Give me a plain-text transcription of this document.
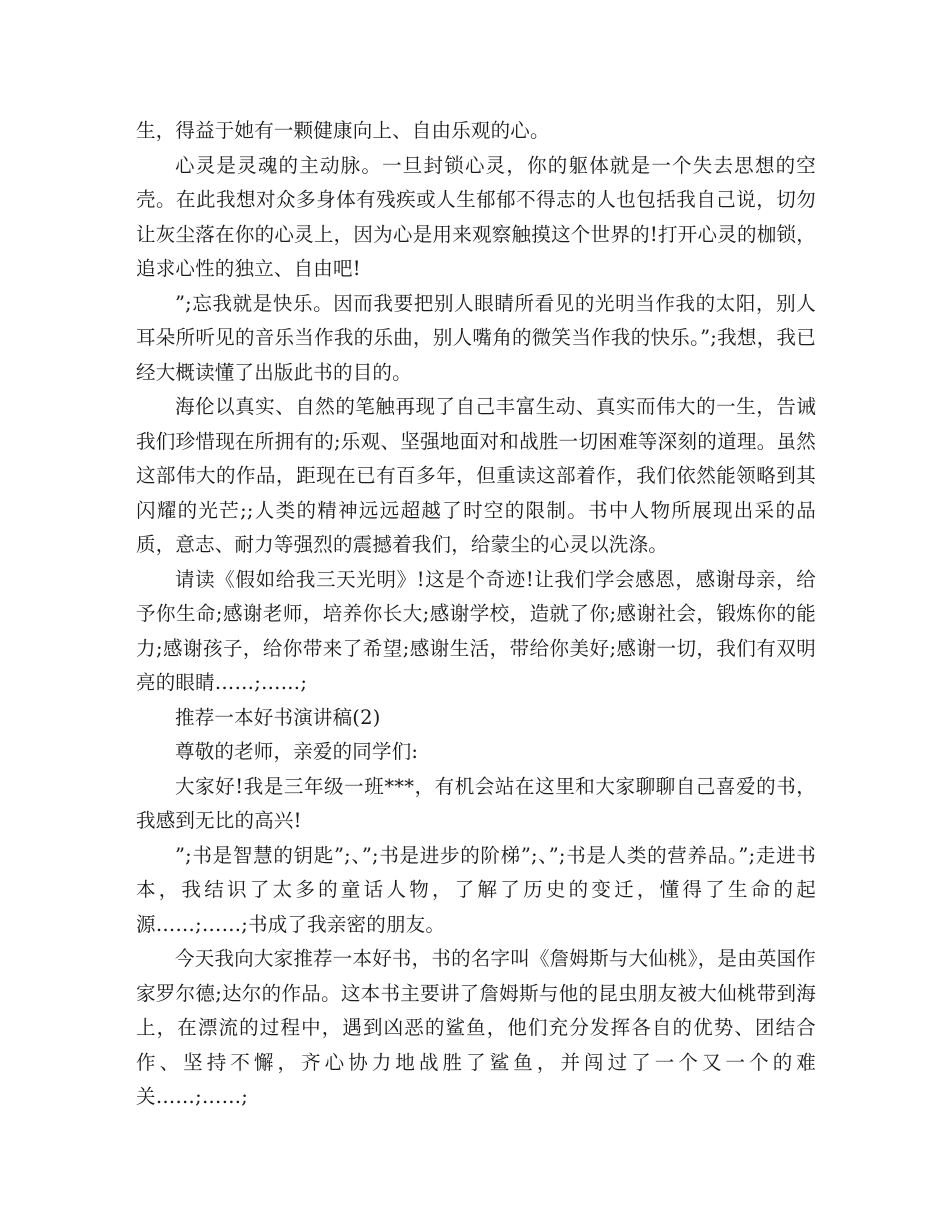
生，得益于她有一颗健康向上、自由乐观的心。

心灵是灵魂的主动脉。一旦封锁心灵，你的躯体就是一个失去思想的空壳。在此我想对众多身体有残疾或人生郁郁不得志的人也包括我自己说，切勿让灰尘落在你的心灵上，因为心是用来观察触摸这个世界的!打开心灵的枷锁，追求心性的独立、自由吧!

”;忘我就是快乐。因而我要把别人眼睛所看见的光明当作我的太阳，别人耳朵所听见的音乐当作我的乐曲，别人嘴角的微笑当作我的快乐。”;我想，我已经大概读懂了出版此书的目的。

海伦以真实、自然的笔触再现了自己丰富生动、真实而伟大的一生，告诫我们珍惜现在所拥有的;乐观、坚强地面对和战胜一切困难等深刻的道理。虽然这部伟大的作品，距现在已有百多年，但重读这部着作，我们依然能领略到其闪耀的光芒;;人类的精神远远超越了时空的限制。书中人物所展现出采的品质，意志、耐力等强烈的震撼着我们，给蒙尘的心灵以洗涤。

请读《假如给我三天光明》!这是个奇迹!让我们学会感恩，感谢母亲，给予你生命;感谢老师，培养你长大;感谢学校，造就了你;感谢社会，锻炼你的能力;感谢孩子，给你带来了希望;感谢生活，带给你美好;感谢一切，我们有双明亮的眼睛……;……;

推荐一本好书演讲稿(2)

尊敬的老师，亲爱的同学们:

大家好!我是三年级一班***，有机会站在这里和大家聊聊自己喜爱的书，我感到无比的高兴!

”;书是智慧的钥匙”;、”;书是进步的阶梯”;、”;书是人类的营养品。”;走进书本，我结识了太多的童话人物，了解了历史的变迁，懂得了生命的起源……;……;书成了我亲密的朋友。

今天我向大家推荐一本好书，书的名字叫《詹姆斯与大仙桃》，是由英国作家罗尔德;达尔的作品。这本书主要讲了詹姆斯与他的昆虫朋友被大仙桃带到海上，在漂流的过程中，遇到凶恶的鲨鱼，他们充分发挥各自的优势、团结合作、坚持不懈，齐心协力地战胜了鲨鱼，并闯过了一个又一个的难关……;……;
